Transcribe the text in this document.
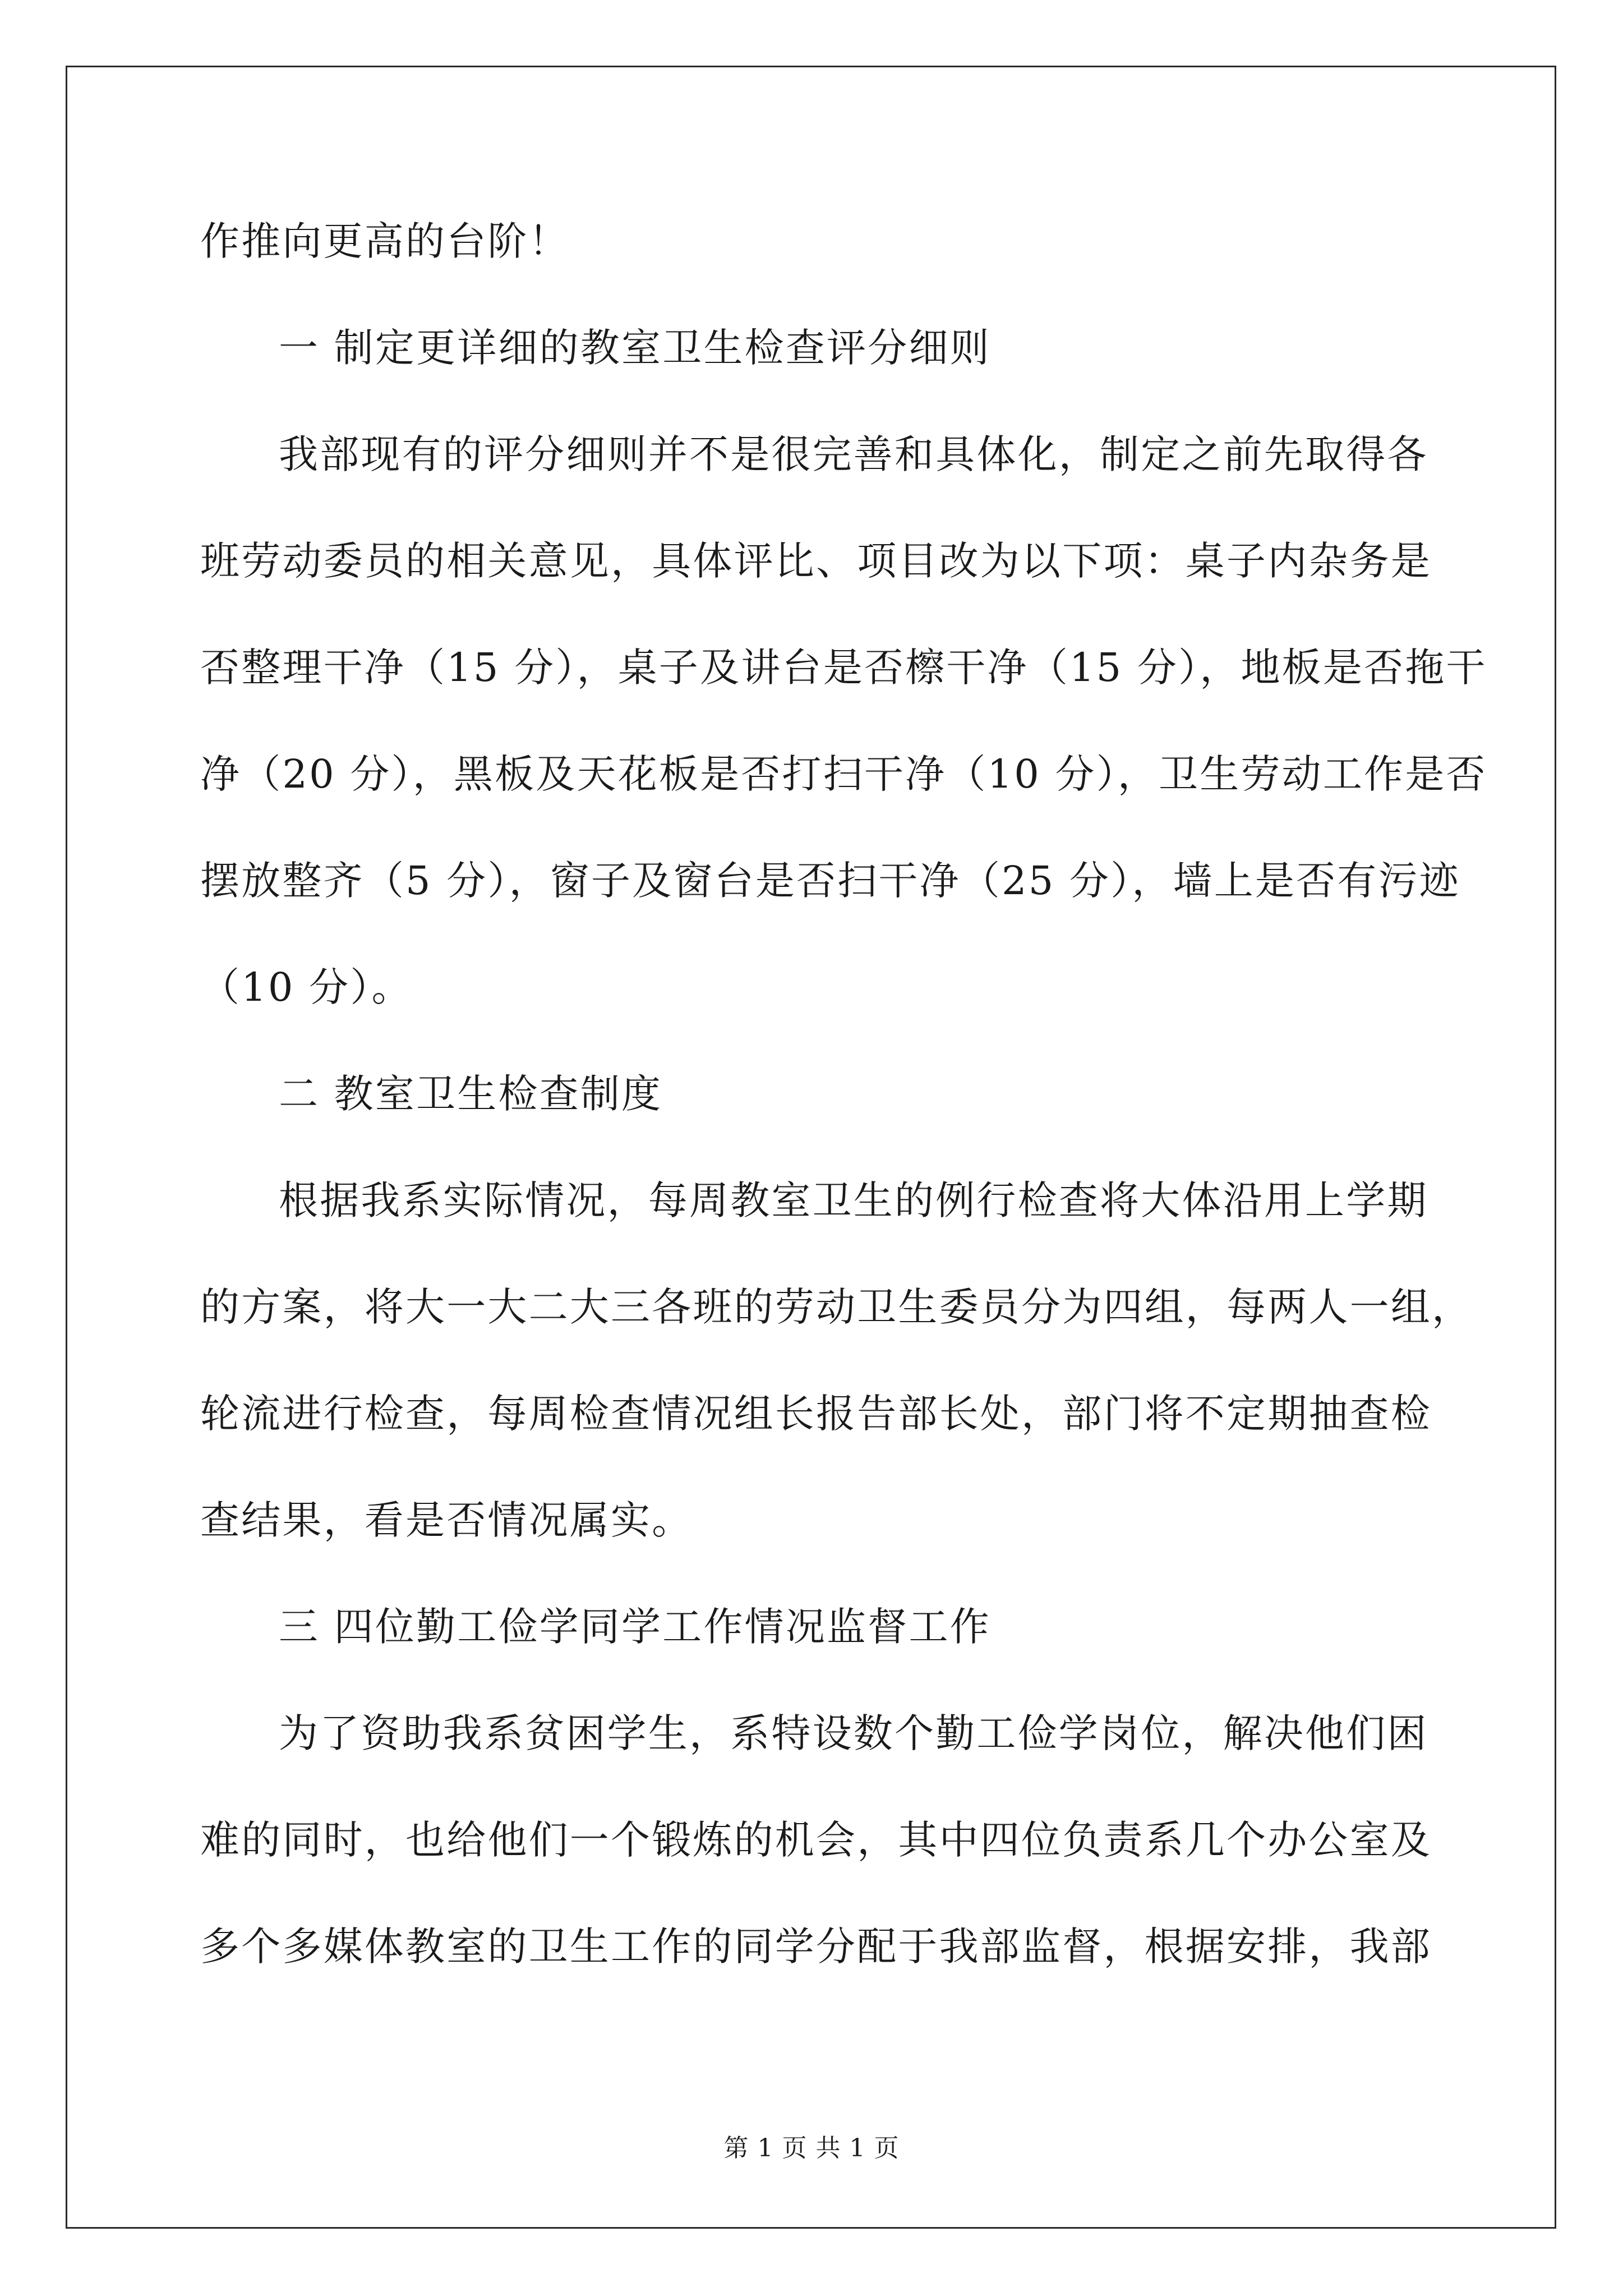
作推向更高的台阶！
一 制定更详细的教室卫生检查评分细则
我部现有的评分细则并不是很完善和具体化，制定之前先取得各
班劳动委员的相关意见，具体评比、项目改为以下项：桌子内杂务是
否整理干净（15 分），桌子及讲台是否檫干净（15 分），地板是否拖干
净（20 分），黑板及天花板是否打扫干净（10 分），卫生劳动工作是否
摆放整齐（5 分），窗子及窗台是否扫干净（25 分），墙上是否有污迹
（10 分）。
二 教室卫生检查制度
根据我系实际情况，每周教室卫生的例行检查将大体沿用上学期
的方案，将大一大二大三各班的劳动卫生委员分为四组，每两人一组，
轮流进行检查，每周检查情况组长报告部长处，部门将不定期抽查检
查结果，看是否情况属实。
三 四位勤工俭学同学工作情况监督工作
为了资助我系贫困学生，系特设数个勤工俭学岗位，解决他们困
难的同时，也给他们一个锻炼的机会，其中四位负责系几个办公室及
多个多媒体教室的卫生工作的同学分配于我部监督，根据安排，我部
第 1 页 共 1 页
